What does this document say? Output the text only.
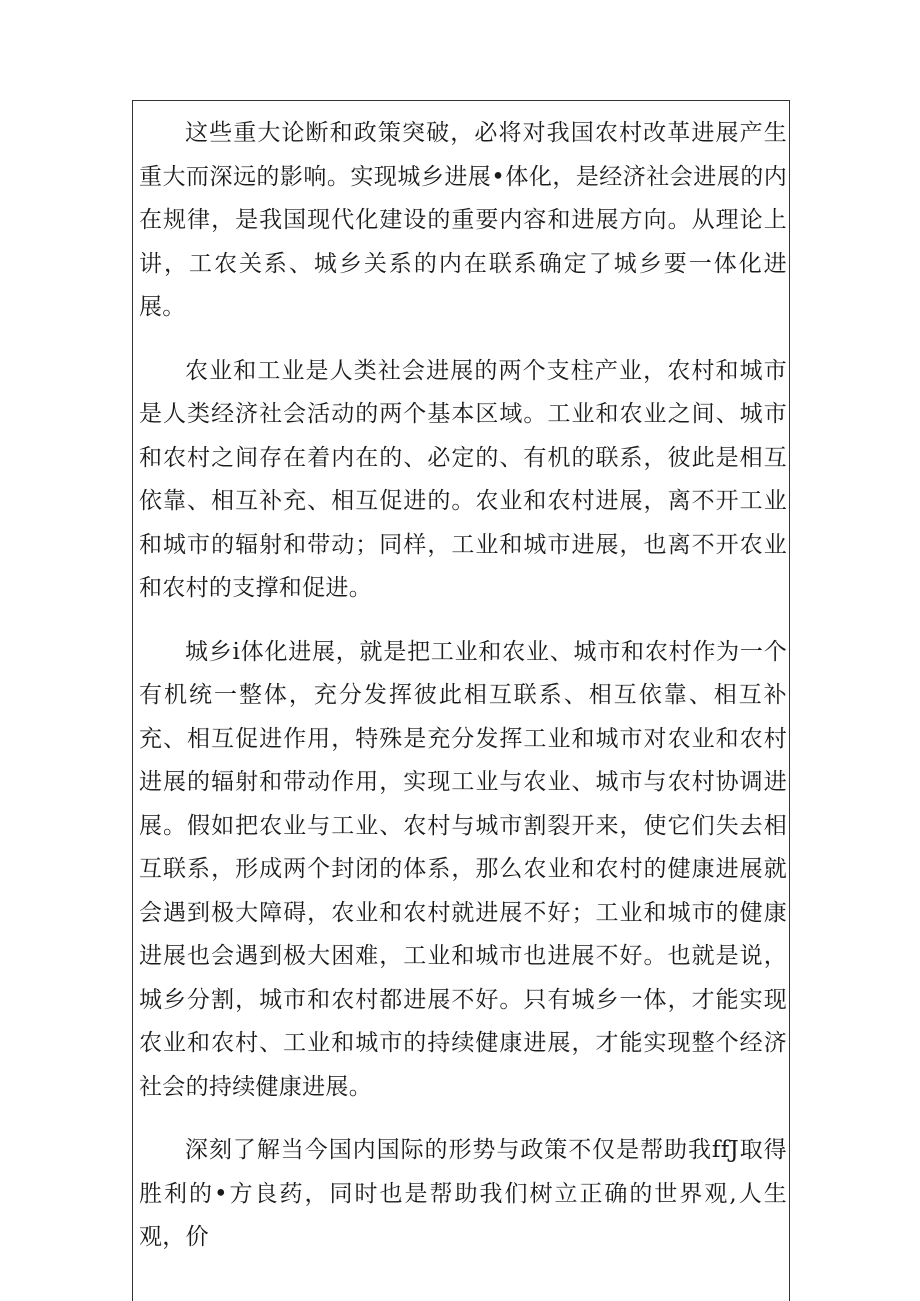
这些重大论断和政策突破，必将对我国农村改革进展产生重大而深远的影响。实现城乡进展•体化，是经济社会进展的内在规律，是我国现代化建设的重要内容和进展方向。从理论上讲，工农关系、城乡关系的内在联系确定了城乡要一体化进展。

农业和工业是人类社会进展的两个支柱产业，农村和城市是人类经济社会活动的两个基本区域。工业和农业之间、城市和农村之间存在着内在的、必定的、有机的联系，彼此是相互依靠、相互补充、相互促进的。农业和农村进展，离不开工业和城市的辐射和带动；同样，工业和城市进展，也离不开农业和农村的支撑和促进。

城乡i体化进展，就是把工业和农业、城市和农村作为一个有机统一整体，充分发挥彼此相互联系、相互依靠、相互补充、相互促进作用，特殊是充分发挥工业和城市对农业和农村进展的辐射和带动作用，实现工业与农业、城市与农村协调进展。假如把农业与工业、农村与城市割裂开来，使它们失去相互联系，形成两个封闭的体系，那么农业和农村的健康进展就会遇到极大障碍，农业和农村就进展不好；工业和城市的健康进展也会遇到极大困难，工业和城市也进展不好。也就是说，城乡分割，城市和农村都进展不好。只有城乡一体，才能实现农业和农村、工业和城市的持续健康进展，才能实现整个经济社会的持续健康进展。

深刻了解当今国内国际的形势与政策不仅是帮助我ffJ取得胜利的•方良药，同时也是帮助我们树立正确的世界观,人生观，价
